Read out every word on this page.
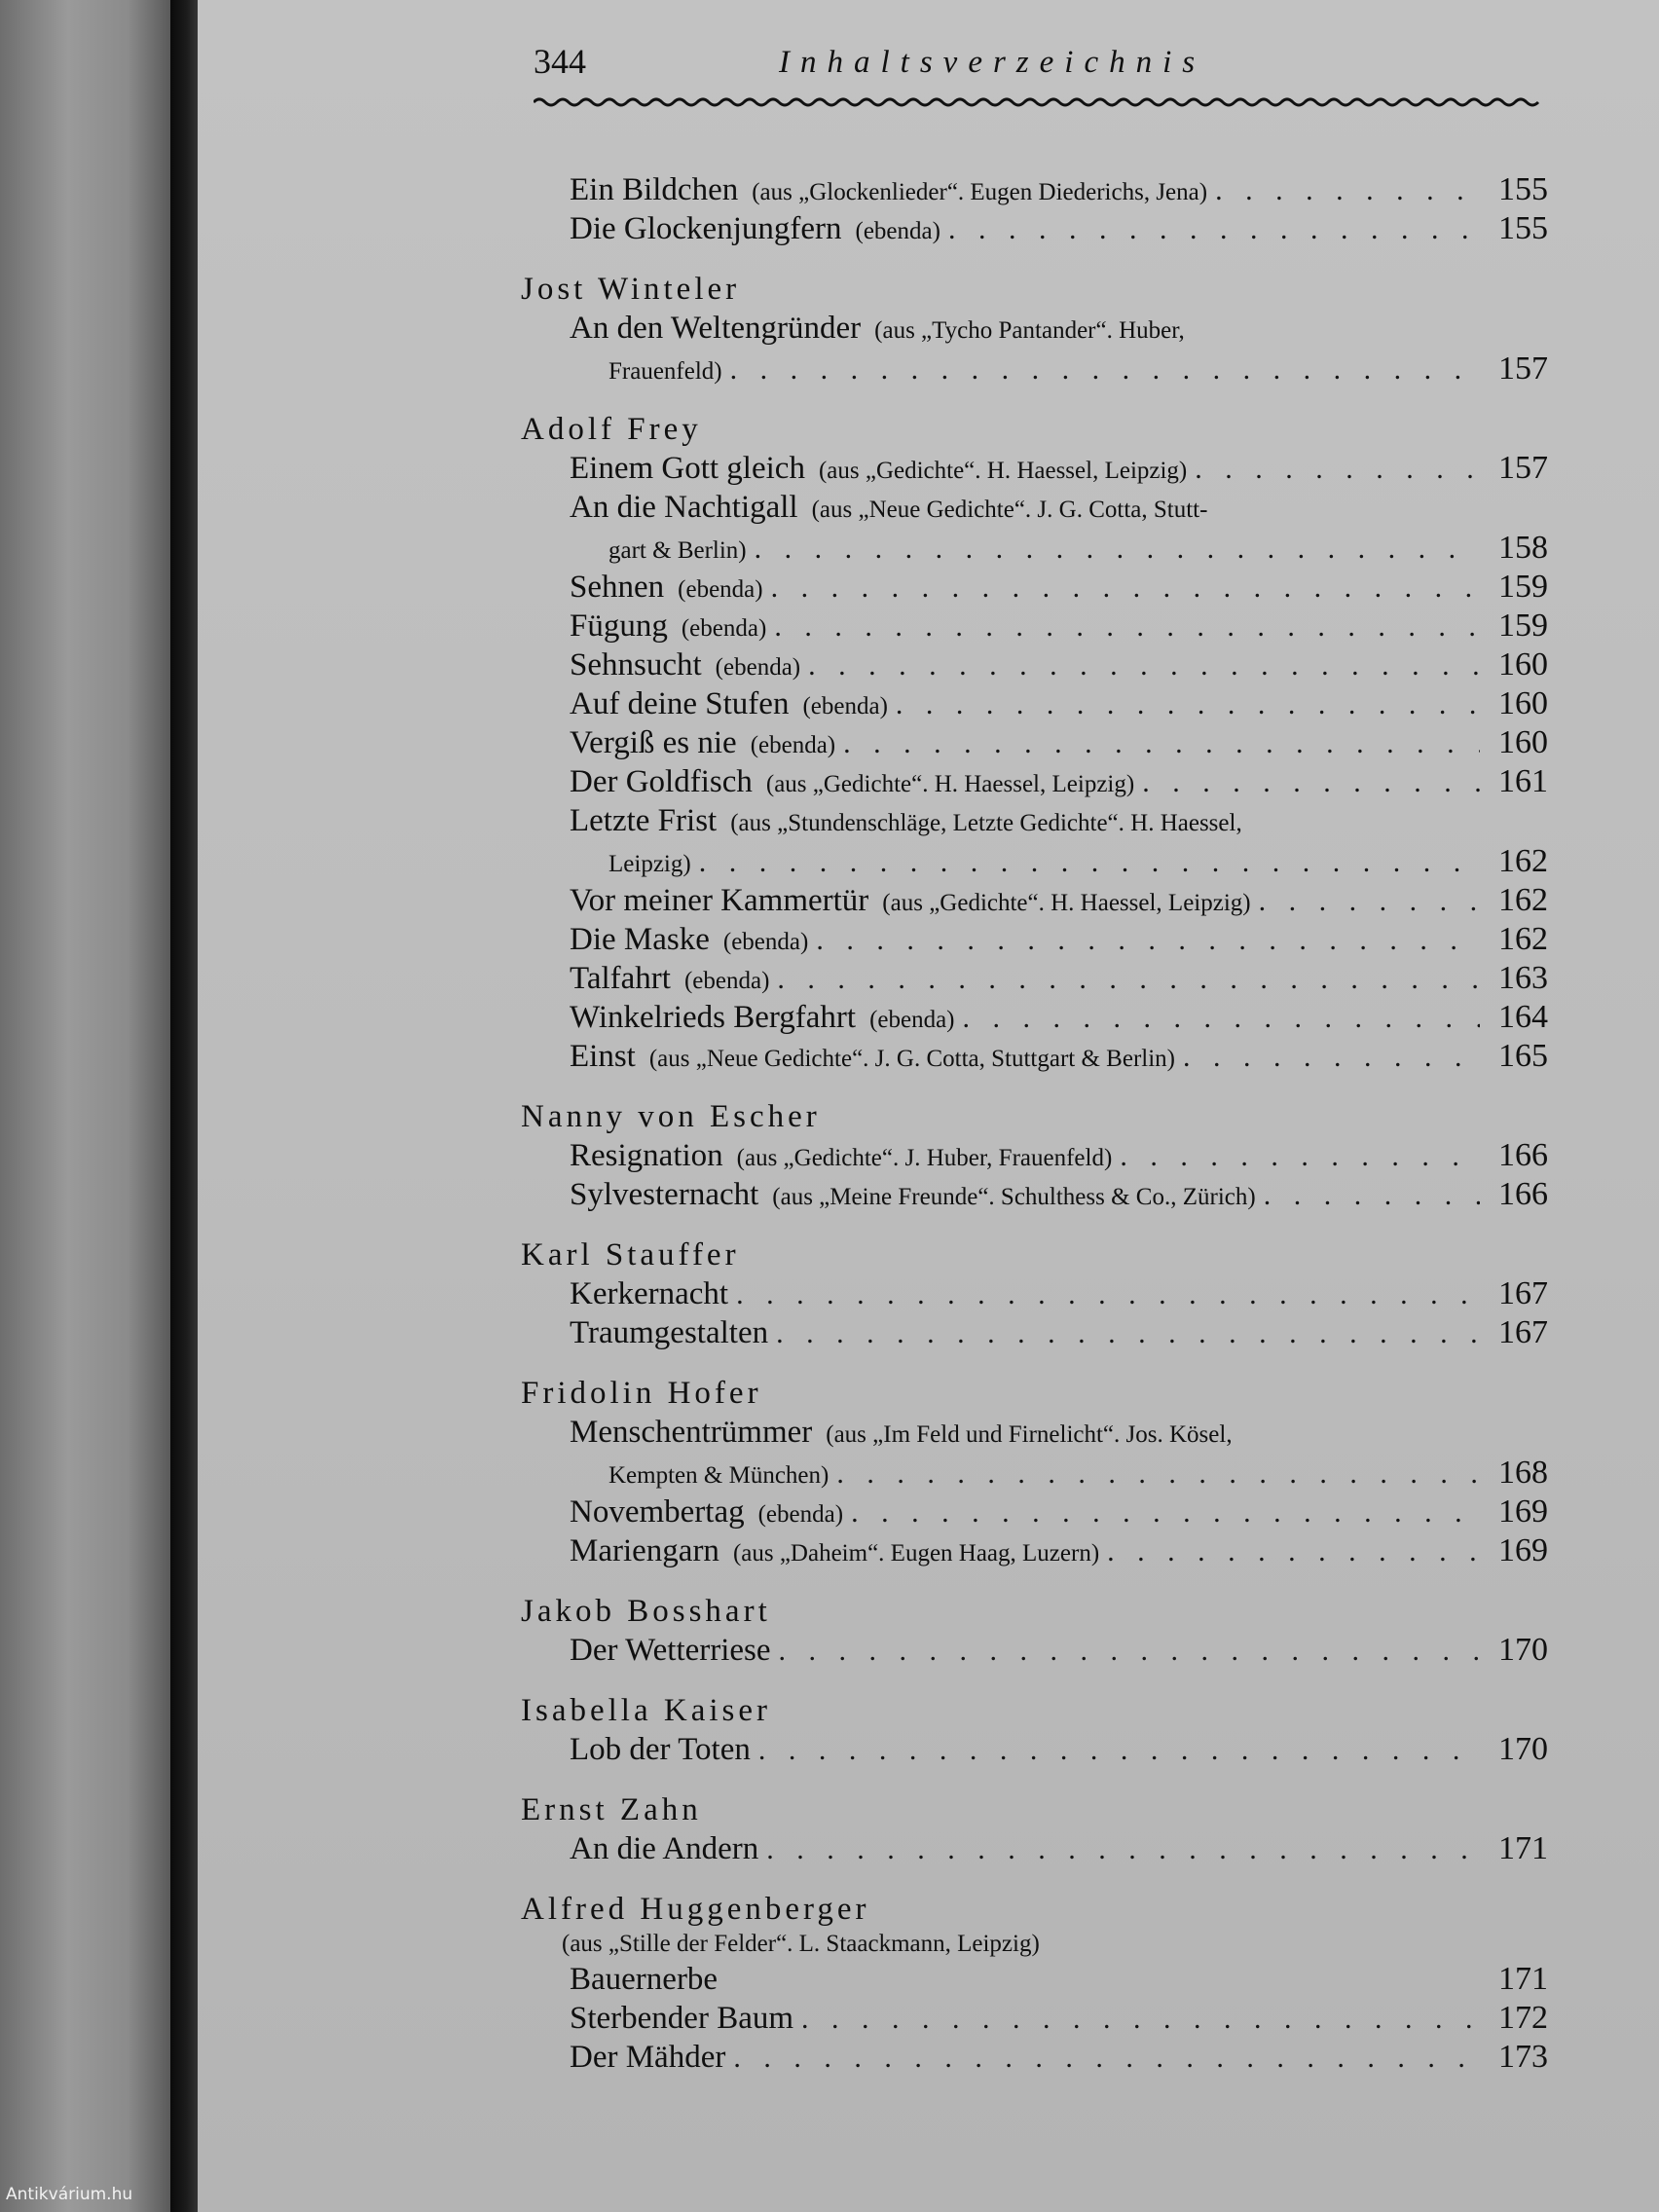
344	Inhaltsverzeichnis
Ein Bildchen (aus „Glockenlieder“. Eugen Diederichs, Jena) . . .	155
Die Glockenjungfern (ebenda) . . .	155
Jost Winteler
An den Weltengründer (aus „Tycho Pantander“. Huber,
Frauenfeld) . . .	157
Adolf Frey
Einem Gott gleich (aus „Gedichte“. H. Haessel, Leipzig) . . .	157
An die Nachtigall (aus „Neue Gedichte“. J. G. Cotta, Stutt-
gart & Berlin) . . .	158
Sehnen (ebenda) . . .	159
Fügung (ebenda) . . .	159
Sehnsucht (ebenda) . . .	160
Auf deine Stufen (ebenda) . . .	160
Vergiß es nie (ebenda) . . .	160
Der Goldfisch (aus „Gedichte“. H. Haessel, Leipzig) . . .	161
Letzte Frist (aus „Stundenschläge, Letzte Gedichte“. H. Haessel,
Leipzig) . . .	162
Vor meiner Kammertür (aus „Gedichte“. H. Haessel, Leipzig) . . .	162
Die Maske (ebenda) . . .	162
Talfahrt (ebenda) . . .	163
Winkelrieds Bergfahrt (ebenda) . . .	164
Einst (aus „Neue Gedichte“. J. G. Cotta, Stuttgart & Berlin) . . .	165
Nanny von Escher
Resignation (aus „Gedichte“. J. Huber, Frauenfeld) . . .	166
Sylvesternacht (aus „Meine Freunde“. Schulthess & Co., Zürich) . . .	166
Karl Stauffer
Kerkernacht . . .	167
Traumgestalten . . .	167
Fridolin Hofer
Menschentrümmer (aus „Im Feld und Firnelicht“. Jos. Kösel,
Kempten & München) . . .	168
Novembertag (ebenda) . . .	169
Mariengarn (aus „Daheim“. Eugen Haag, Luzern) . . .	169
Jakob Bosshart
Der Wetterriese . . .	170
Isabella Kaiser
Lob der Toten . . .	170
Ernst Zahn
An die Andern . . .	171
Alfred Huggenberger
(aus „Stille der Felder“. L. Staackmann, Leipzig)
Bauernerbe	171
Sterbender Baum . . .	172
Der Mähder . . .	173
Antikvárium.hu
